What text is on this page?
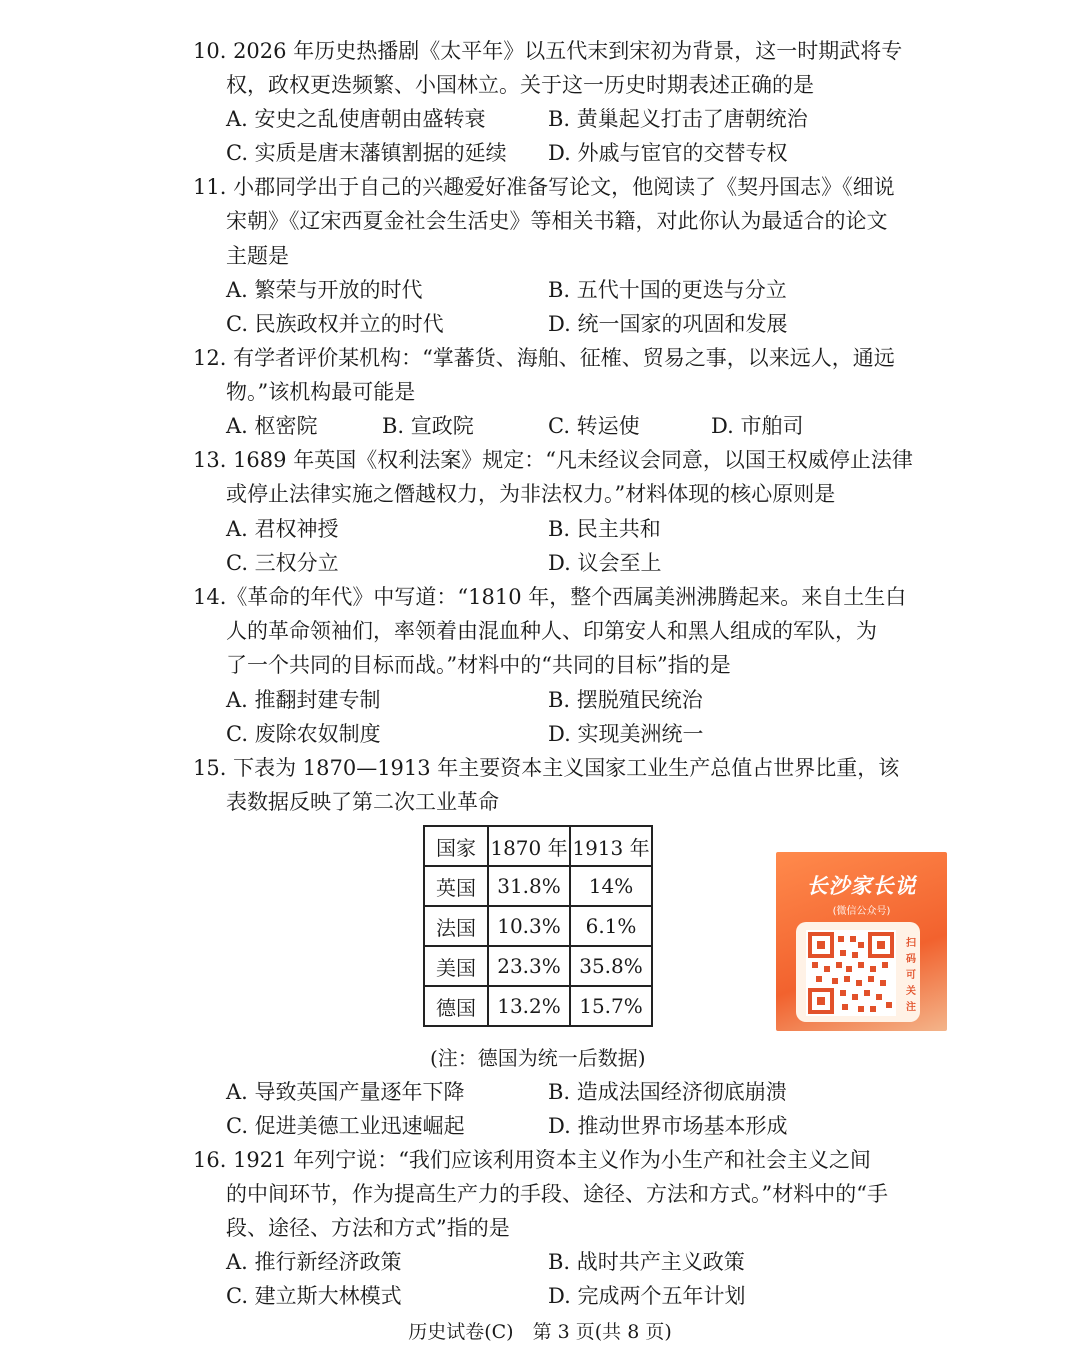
10. 2026 年历史热播剧《太平年》以五代末到宋初为背景，这一时期武将专
权，政权更迭频繁、小国林立。关于这一历史时期表述正确的是
A. 安史之乱使唐朝由盛转衰	B. 黄巢起义打击了唐朝统治
C. 实质是唐末藩镇割据的延续 D. 外戚与宦官的交替专权
11. 小郡同学出于自己的兴趣爱好准备写论文，他阅读了《契丹国志》《细说
宋朝》《辽宋西夏金社会生活史》等相关书籍，对此你认为最适合的论文
主题是
A. 繁荣与开放的时代	B. 五代十国的更迭与分立
C. 民族政权并立的时代	D. 统一国家的巩固和发展
12. 有学者评价某机构：“掌蕃货、海舶、征榷、贸易之事，以来远人，通远
物。”该机构最可能是
A. 枢密院	B. 宣政院	C. 转运使	D. 市舶司
13. 1689 年英国《权利法案》规定：“凡未经议会同意，以国王权威停止法律
或停止法律实施之僭越权力，为非法权力。”材料体现的核心原则是
A. 君权神授	B. 民主共和
C. 三权分立	D. 议会至上
14.《革命的年代》中写道：“1810 年，整个西属美洲沸腾起来。来自土生白
人的革命领袖们，率领着由混血种人、印第安人和黑人组成的军队，为
了一个共同的目标而战。”材料中的“共同的目标”指的是
A. 推翻封建专制	B. 摆脱殖民统治
C. 废除农奴制度	D. 实现美洲统一
15. 下表为 1870—1913 年主要资本主义国家工业生产总值占世界比重，该
表数据反映了第二次工业革命
国家	1870 年	1913 年
英国	31.8%	14%
法国	10.3%	6.1%
美国	23.3%	35.8%
德国	13.2%	15.7%
(注：德国为统一后数据)
长沙家长说
(微信公众号)
扫
码
可
关
注
A. 导致英国产量逐年下降	B. 造成法国经济彻底崩溃
C. 促进美德工业迅速崛起	D. 推动世界市场基本形成
16. 1921 年列宁说：“我们应该利用资本主义作为小生产和社会主义之间
的中间环节，作为提高生产力的手段、途径、方法和方式。”材料中的“手
段、途径、方法和方式”指的是
A. 推行新经济政策	B. 战时共产主义政策
C. 建立斯大林模式	D. 完成两个五年计划
历史试卷(C)　第 3 页(共 8 页)
